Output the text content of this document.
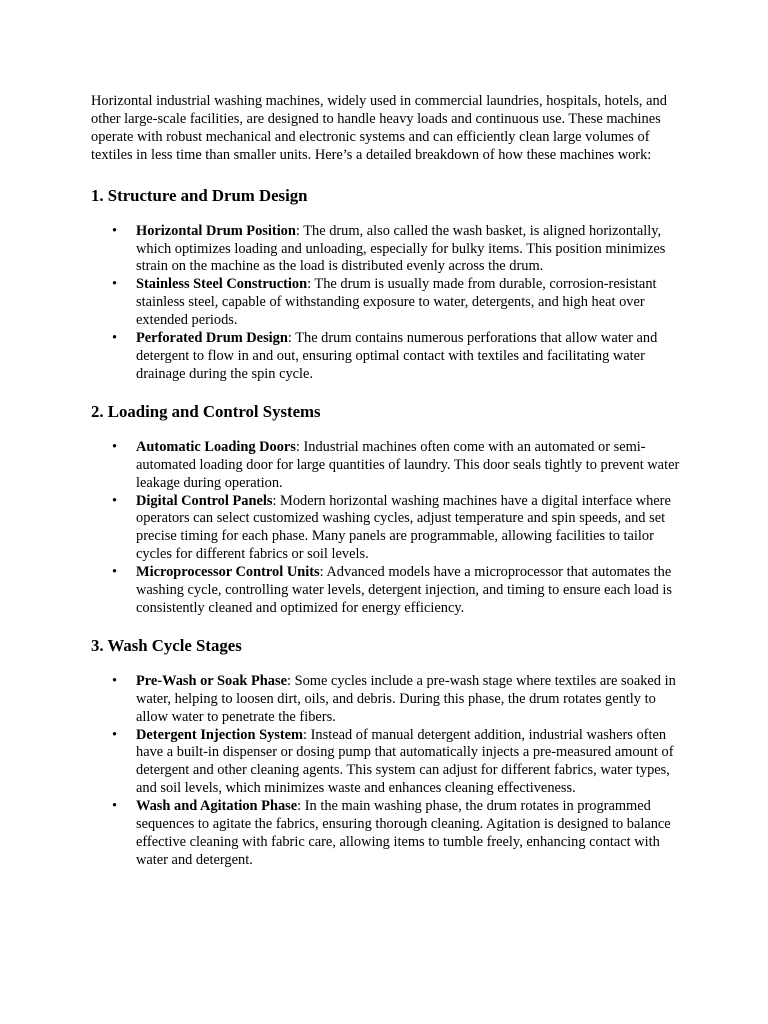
Horizontal industrial washing machines, widely used in commercial laundries, hospitals, hotels, and other large-scale facilities, are designed to handle heavy loads and continuous use. These machines operate with robust mechanical and electronic systems and can efficiently clean large volumes of textiles in less time than smaller units. Here’s a detailed breakdown of how these machines work:

1. Structure and Drum Design
• Horizontal Drum Position: The drum, also called the wash basket, is aligned horizontally, which optimizes loading and unloading, especially for bulky items. This position minimizes strain on the machine as the load is distributed evenly across the drum.
• Stainless Steel Construction: The drum is usually made from durable, corrosion-resistant stainless steel, capable of withstanding exposure to water, detergents, and high heat over extended periods.
• Perforated Drum Design: The drum contains numerous perforations that allow water and detergent to flow in and out, ensuring optimal contact with textiles and facilitating water drainage during the spin cycle.
2. Loading and Control Systems
• Automatic Loading Doors: Industrial machines often come with an automated or semi-automated loading door for large quantities of laundry. This door seals tightly to prevent water leakage during operation.
• Digital Control Panels: Modern horizontal washing machines have a digital interface where operators can select customized washing cycles, adjust temperature and spin speeds, and set precise timing for each phase. Many panels are programmable, allowing facilities to tailor cycles for different fabrics or soil levels.
• Microprocessor Control Units: Advanced models have a microprocessor that automates the washing cycle, controlling water levels, detergent injection, and timing to ensure each load is consistently cleaned and optimized for energy efficiency.
3. Wash Cycle Stages
• Pre-Wash or Soak Phase: Some cycles include a pre-wash stage where textiles are soaked in water, helping to loosen dirt, oils, and debris. During this phase, the drum rotates gently to allow water to penetrate the fibers.
• Detergent Injection System: Instead of manual detergent addition, industrial washers often have a built-in dispenser or dosing pump that automatically injects a pre-measured amount of detergent and other cleaning agents. This system can adjust for different fabrics, water types, and soil levels, which minimizes waste and enhances cleaning effectiveness.
• Wash and Agitation Phase: In the main washing phase, the drum rotates in programmed sequences to agitate the fabrics, ensuring thorough cleaning. Agitation is designed to balance effective cleaning with fabric care, allowing items to tumble freely, enhancing contact with water and detergent.
